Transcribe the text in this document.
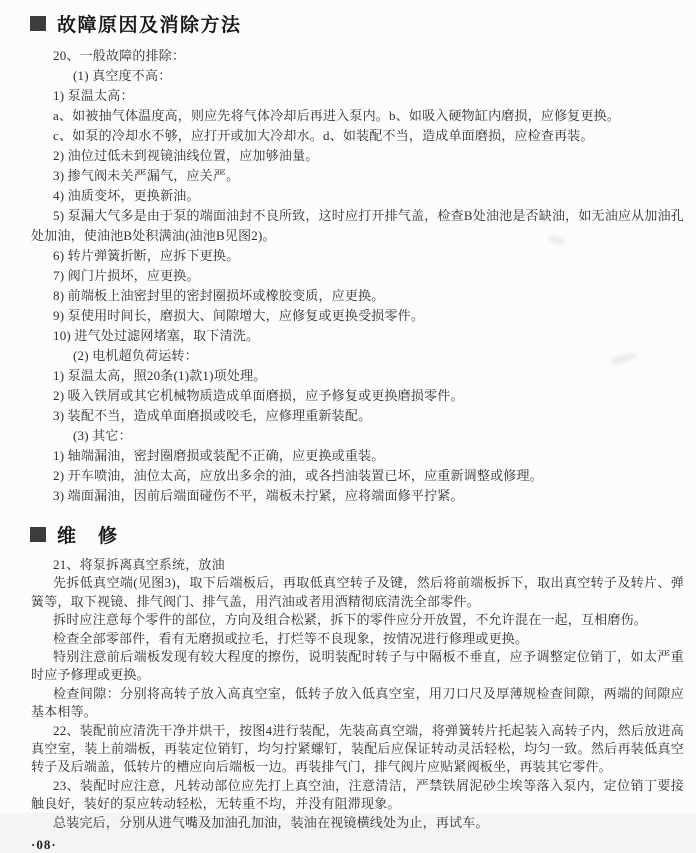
故障原因及消除方法

20、一般故障的排除：

(1) 真空度不高：

1) 泵温太高：

a、如被抽气体温度高，则应先将气体冷却后再进入泵内。b、如吸入硬物缸内磨损，应修复更换。

c、如泵的冷却水不够，应打开或加大冷却水。d、如装配不当，造成单面磨损，应检查再装。

2) 油位过低未到视镜油线位置，应加够油量。

3) 掺气阀未关严漏气，应关严。

4) 油质变坏，更换新油。

5) 泵漏大气多是由于泵的端面油封不良所致，这时应打开排气盖，检查B处油池是否缺油，如无油应从加油孔处加油，使油池B处积满油(油池B见图2)。

6) 转片弹簧折断，应拆下更换。

7) 阀门片损坏，应更换。

8) 前端板上油密封里的密封圈损坏或橡胶变质，应更换。

9) 泵使用时间长，磨损大、间隙增大，应修复或更换受损零件。

10) 进气处过滤网堵塞，取下清洗。

(2) 电机超负荷运转：

1) 泵温太高，照20条(1)款1)项处理。

2) 吸入铁屑或其它机械物质造成单面磨损，应予修复或更换磨损零件。

3) 装配不当，造成单面磨损或咬毛，应修理重新装配。

(3) 其它：

1) 轴端漏油，密封圈磨损或装配不正确，应更换或重装。

2) 开车喷油，油位太高，应放出多余的油，或各挡油装置已坏，应重新调整或修理。

3) 端面漏油，因前后端面碰伤不平，端板未拧紧，应将端面修平拧紧。

维　修

21、将泵拆离真空系统，放油

先拆低真空端(见图3)，取下后端板后，再取低真空转子及键，然后将前端板拆下，取出真空转子及转片、弹簧等，取下视镜、排气阀门、排气盖，用汽油或者用酒精彻底清洗全部零件。

拆时应注意每个零件的部位，方向及组合松紧，拆下的零件应分开放置，不允许混在一起，互相磨伤。

检查全部零部件，看有无磨损或拉毛，打烂等不良现象，按情况进行修理或更换。

特别注意前后端板发现有较大程度的擦伤，说明装配时转子与中隔板不垂直，应予调整定位销丁，如太严重时应予修理或更换。

检查间隙：分别将高转子放入高真空室，低转子放入低真空室，用刀口尺及厚薄规检查间隙，两端的间隙应基本相等。

22、装配前应清洗干净并烘干，按图4进行装配，先装高真空端，将弹簧转片托起装入高转子内，然后放进高真空室，装上前端板，再装定位销钉，均匀拧紧螺钉，装配后应保证转动灵活轻松，均匀一致。然后再装低真空转子及后端盖，低转片的槽应向后端板一边。再装排气门，排气阀片应贴紧阀板坐，再装其它零件。

23、装配时应注意，凡转动部位应先打上真空油，注意清洁，严禁铁屑泥砂尘埃等落入泵内，定位销丁要接触良好，装好的泵应转动轻松，无转重不均，并没有阻滞现象。

总装完后，分别从进气嘴及加油孔加油，装油在视镜横线处为止，再试车。

·08·
